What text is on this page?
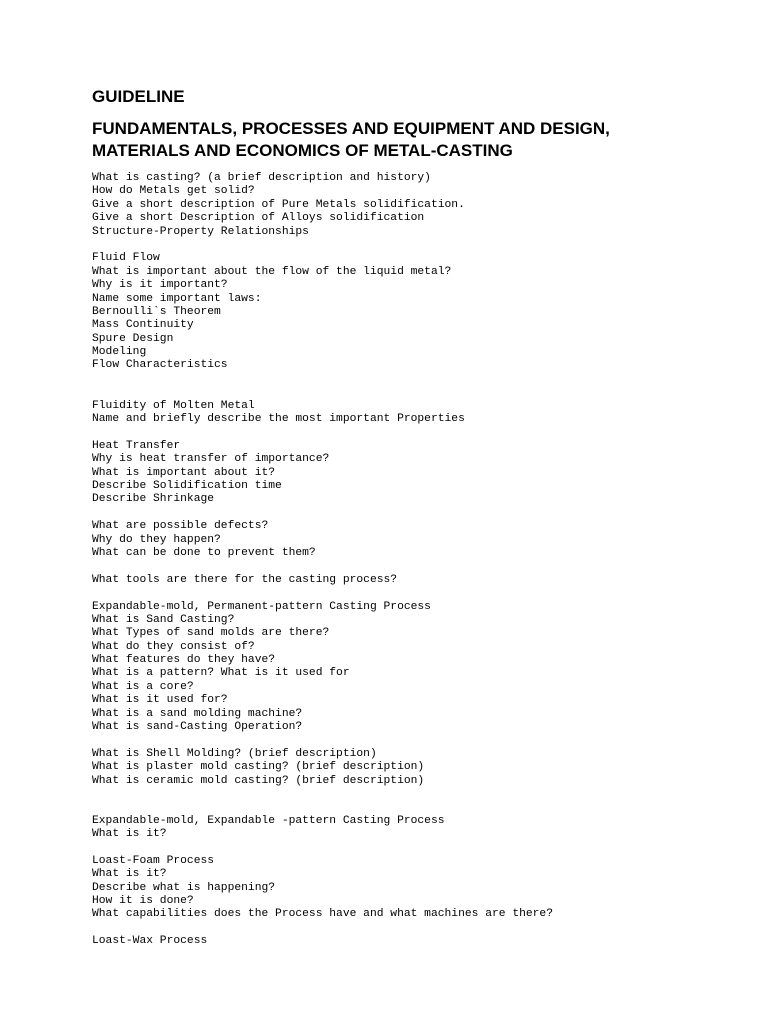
GUIDELINE
FUNDAMENTALS, PROCESSES AND EQUIPMENT AND DESIGN,
MATERIALS AND ECONOMICS OF METAL-CASTING
What is casting? (a brief description and history)
How do Metals get solid?
Give a short description of Pure Metals solidification.
Give a short Description of Alloys solidification
Structure-Property Relationships
Fluid Flow
What is important about the flow of the liquid metal?
Why is it important?
Name some important laws:
Bernoulli`s Theorem
Mass Continuity
Spure Design
Modeling
Flow Characteristics
Fluidity of Molten Metal
Name and briefly describe the most important Properties
Heat Transfer
Why is heat transfer of importance?
What is important about it?
Describe Solidification time
Describe Shrinkage
What are possible defects?
Why do they happen?
What can be done to prevent them?
What tools are there for the casting process?
Expandable-mold, Permanent-pattern Casting Process
What is Sand Casting?
What Types of sand molds are there?
What do they consist of?
What features do they have?
What is a pattern? What is it used for
What is a core?
What is it used for?
What is a sand molding machine?
What is sand-Casting Operation?
What is Shell Molding? (brief description)
What is plaster mold casting? (brief description)
What is ceramic mold casting? (brief description)
Expandable-mold, Expandable -pattern Casting Process
What is it?
Loast-Foam Process
What is it?
Describe what is happening?
How it is done?
What capabilities does the Process have and what machines are there?
Loast-Wax Process
